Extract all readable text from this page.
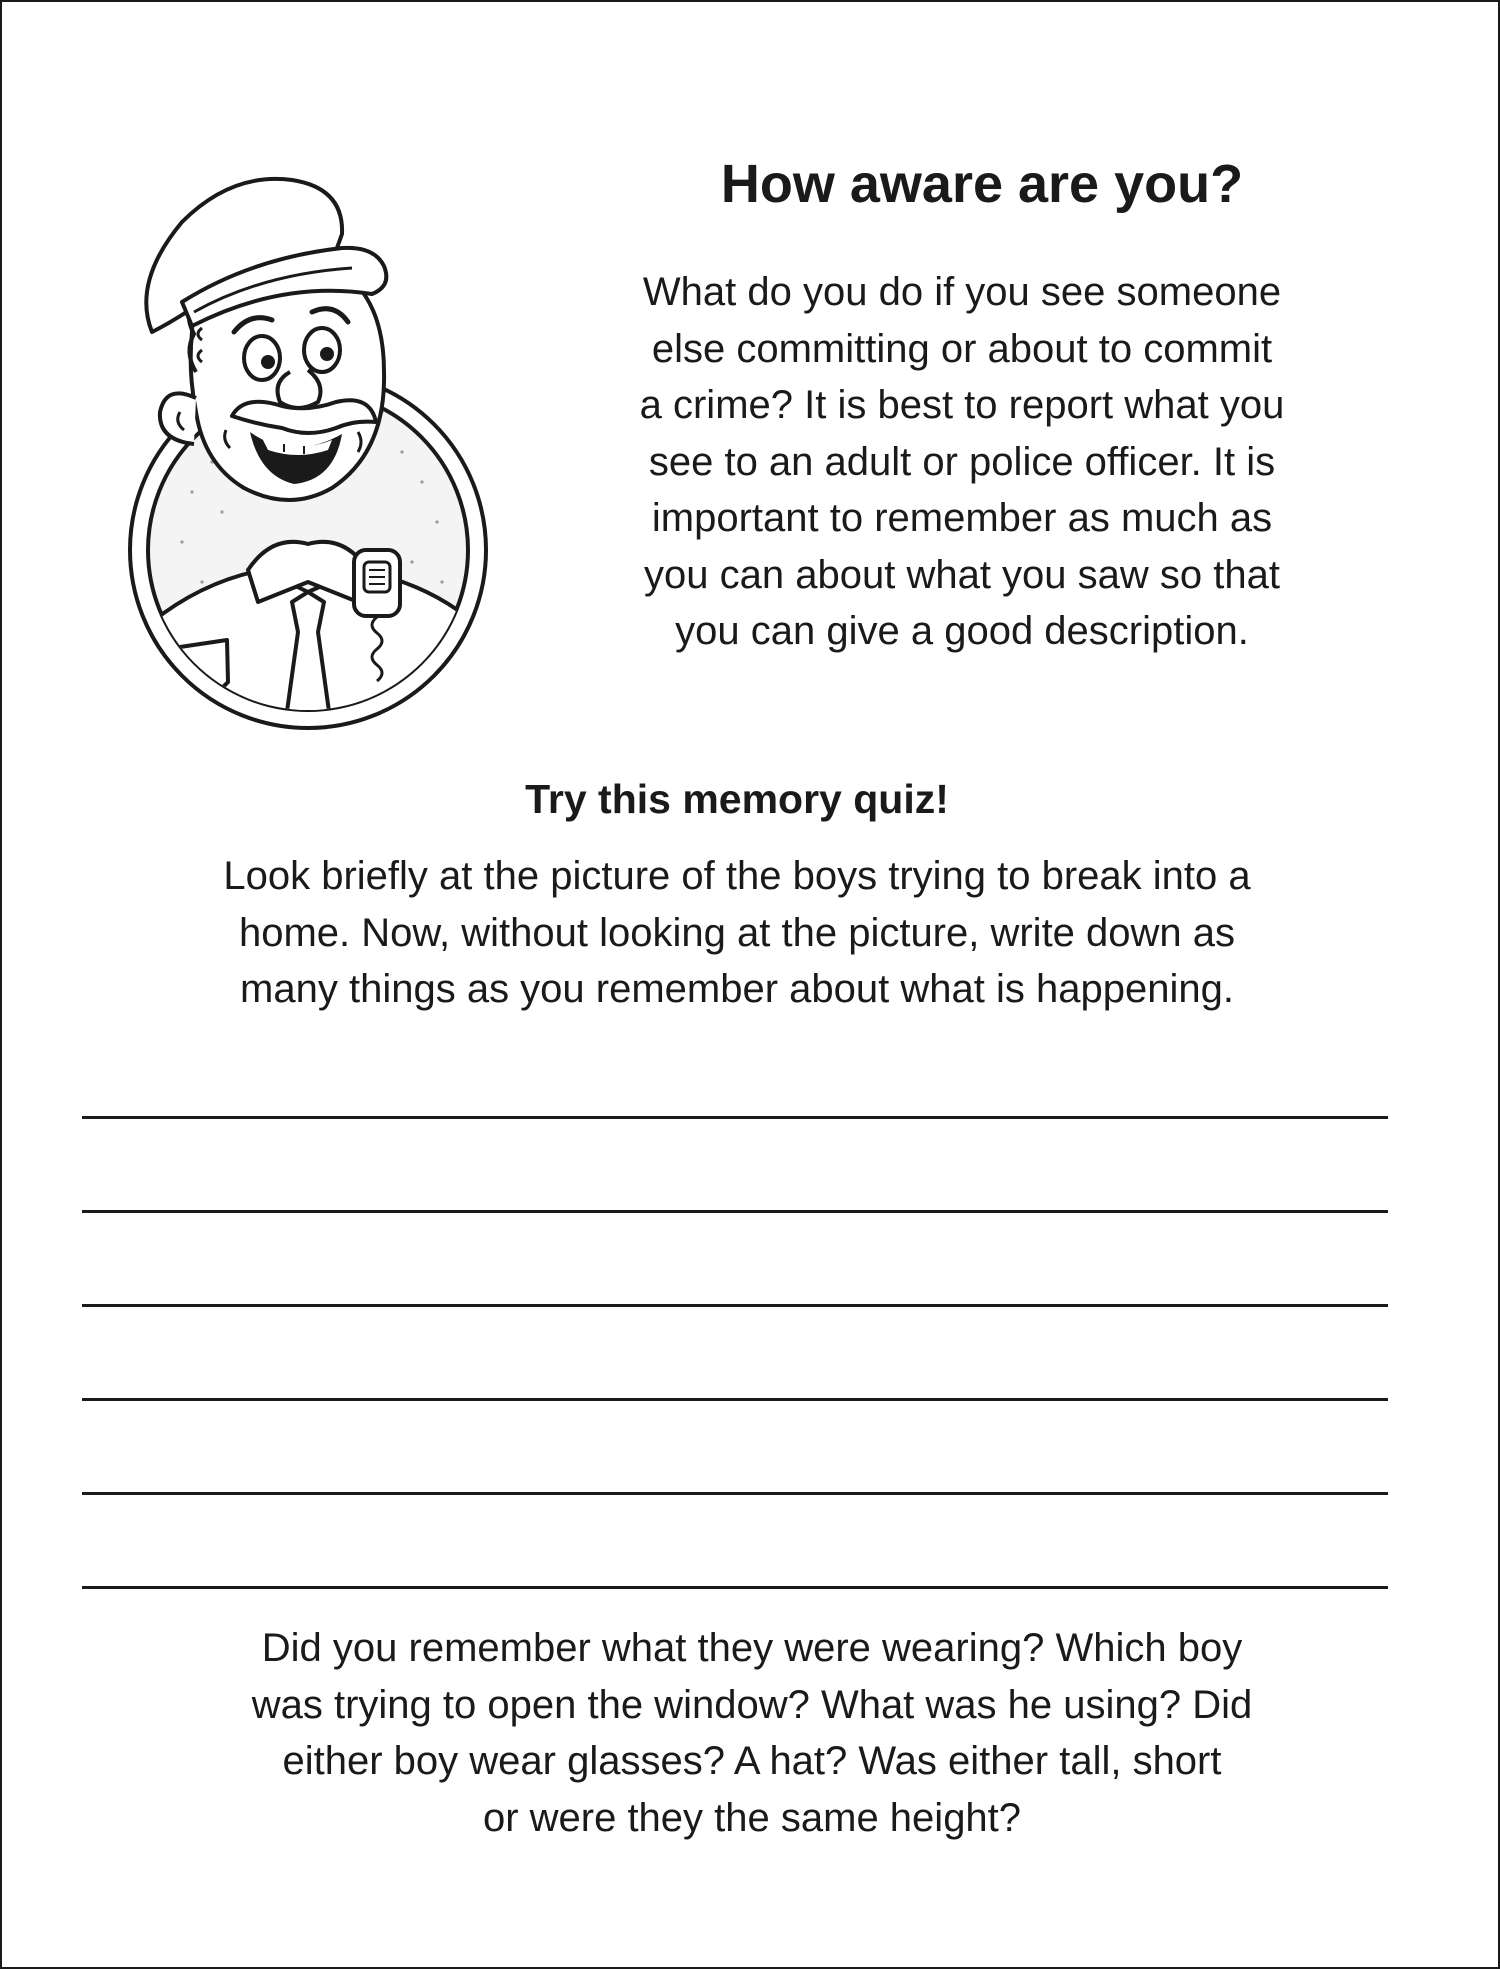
How aware are you?
What do you do if you see someone
else committing or about to commit
a crime? It is best to report what you
see to an adult or police officer. It is
important to remember as much as
you can about what you saw so that
you can give a good description.
Try this memory quiz!
Look briefly at the picture of the boys trying to break into a
home. Now, without looking at the picture, write down as
many things as you remember about what is happening.
Did you remember what they were wearing? Which boy
was trying to open the window? What was he using? Did
either boy wear glasses? A hat? Was either tall, short
or were they the same height?
